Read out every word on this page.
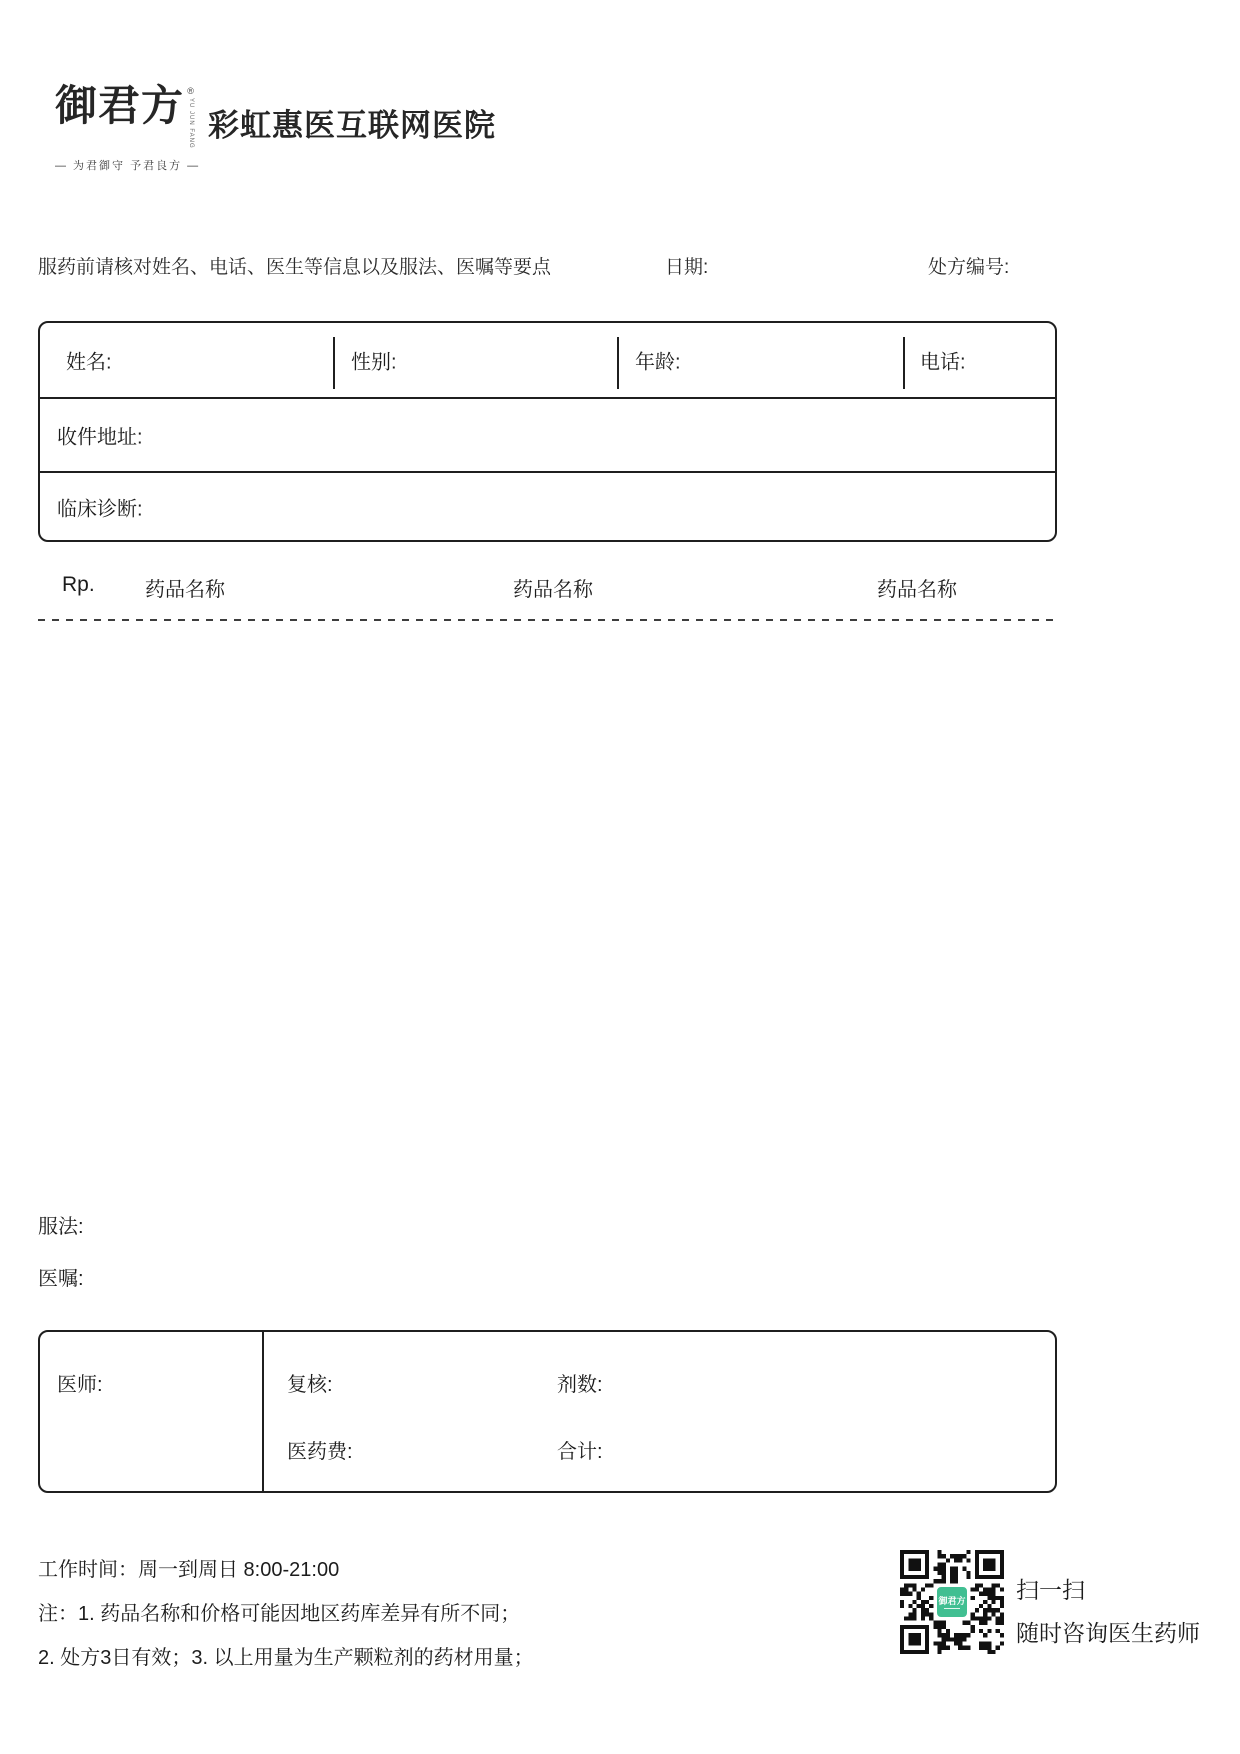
御君方 ®
YU JUN FANG
— 为君御守 予君良方 —
彩虹惠医互联网医院
服药前请核对姓名、电话、医生等信息以及服法、医嘱等要点	日期:	处方编号:
姓名:	性别:	年龄:	电话:
收件地址:
临床诊断:
Rp.	药品名称	药品名称	药品名称
服法:
医嘱:
医师:	复核:	剂数:
医药费:	合计:
工作时间：周一到周日 8:00-21:00
注：1. 药品名称和价格可能因地区药库差异有所不同；
2. 处方3日有效；3. 以上用量为生产颗粒剂的药材用量；
御君方 扫一扫
随时咨询医生药师
